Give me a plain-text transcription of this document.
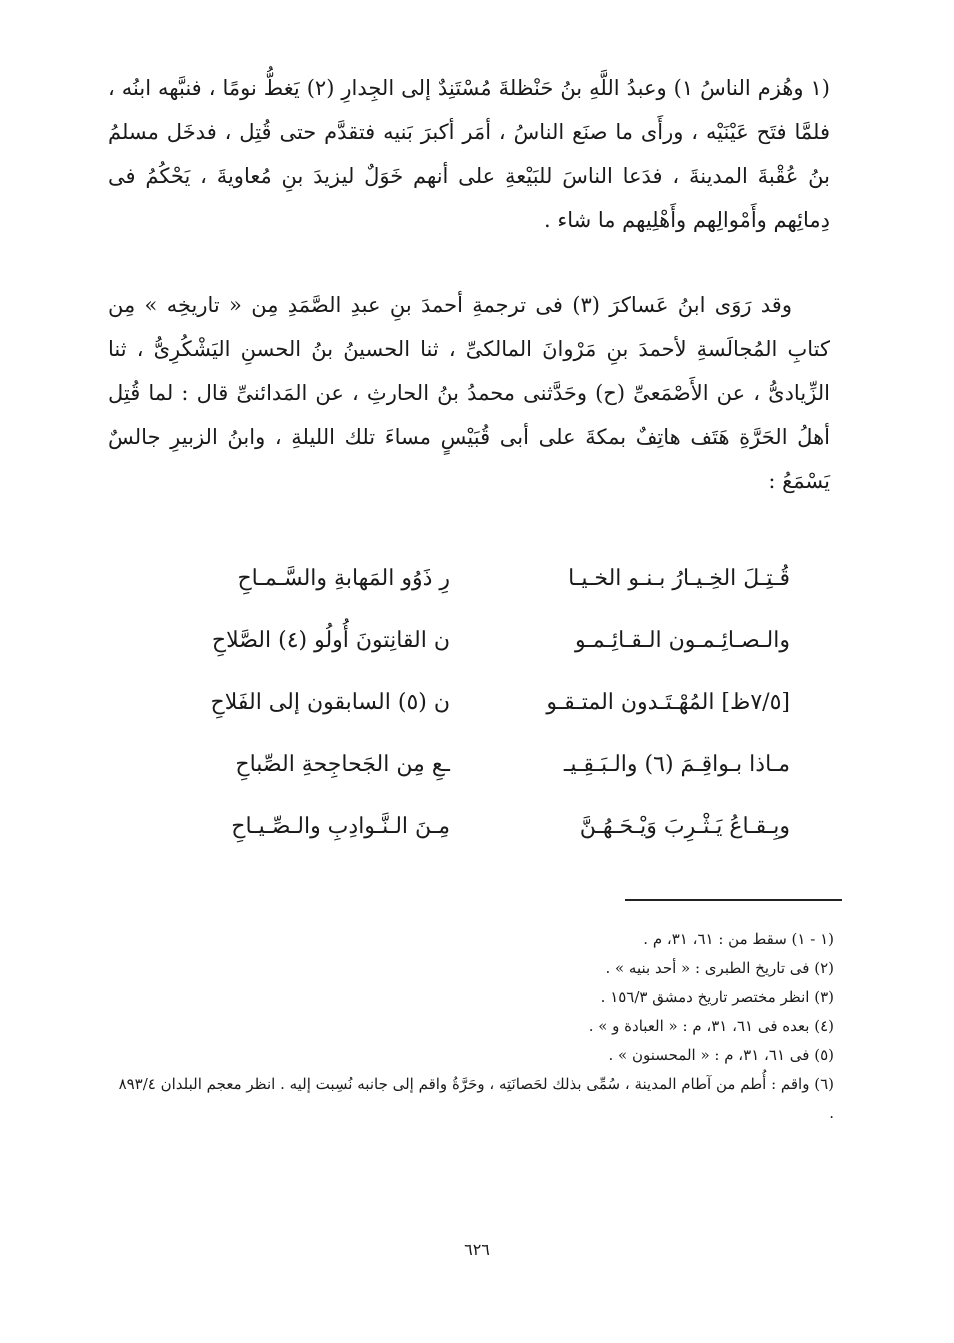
(١ وهُزم الناسُ ١) وعبدُ اللَّهِ بنُ حَنْظلةَ مُسْتَنِدٌ إلى الجِدارِ (٢) يَغطُّ نومًا ، فنبَّهه ابنُه ، فلمَّا فتَح عَيْنَيْه ، ورأَى ما صنَع الناسُ ، أمَر أكبرَ بَنيه فتقدَّم حتى قُتِل ، فدخَل مسلمُ بنُ عُقْبةَ المدينةَ ، فدَعا الناسَ للبَيْعةِ على أنهم خَوَلٌ ليزيدَ بنِ مُعاويةَ ، يَحْكُمُ فى دِمائِهم وأَمْوالِهم وأَهْلِيهم ما شاء .

وقد رَوَى ابنُ عَساكرَ (٣) فى ترجمةِ أحمدَ بنِ عبدِ الصَّمَدِ مِن « تاريخِه » مِن كتابِ المُجالَسةِ لأحمدَ بنِ مَرْوانَ المالكىِّ ، ثنا الحسينُ بنُ الحسنِ اليَشْكُرِىُّ ، ثنا الزِّيادىُّ ، عن الأَصْمَعىِّ (ح) وحَدَّثنى محمدُ بنُ الحارثِ ، عن المَدائنىِّ قال : لما قُتِل أهلُ الحَرَّةِ هَتَف هاتِفٌ بمكةَ على أبى قُبَيْسٍ مساءَ تلك الليلةِ ، وابنُ الزبيرِ جالسٌ يَسْمَعُ :

قُـتِـلَ الخِـيـارُ بـنـو الخـيـا
رِ ذَوُو المَهابةِ والسَّـمـاحِ
والـصـائِـمـون الـقـائِـمـو
ن القانِتونَ أُولُو (٤) الصَّلاحِ
[٧/٥ظ] المُهْـتَـدون المتـقـو
ن (٥) السابقون إلى الفَلاحِ
مـاذا بـواقِـمَ (٦) والـبَـقِـيـ
ـعِ مِن الجَحاجِحةِ الصِّباحِ
وبِـقـاعُ يَـثْـرِبَ وَيْـحَـهُـنَّ
مِـنَ الـنَّـوادِبِ والـصِّـيـاحِ

(١ - ١) سقط من : ٦١، ٣١، م .

(٢) فى تاريخ الطبرى : « أحد بنيه » .

(٣) انظر مختصر تاريخ دمشق ١٥٦/٣ .

(٤) بعده فى ٦١، ٣١، م : « العبادة و » .

(٥) فى ٦١، ٣١، م : « المحسنون » .

(٦) واقم : أُطم من آطام المدينة ، سُمِّى بذلك لحَصانَتِه ، وحَرَّةُ واقم إلى جانبه نُسِبت إليه . انظر معجم البلدان ٨٩٣/٤ .

٦٢٦
